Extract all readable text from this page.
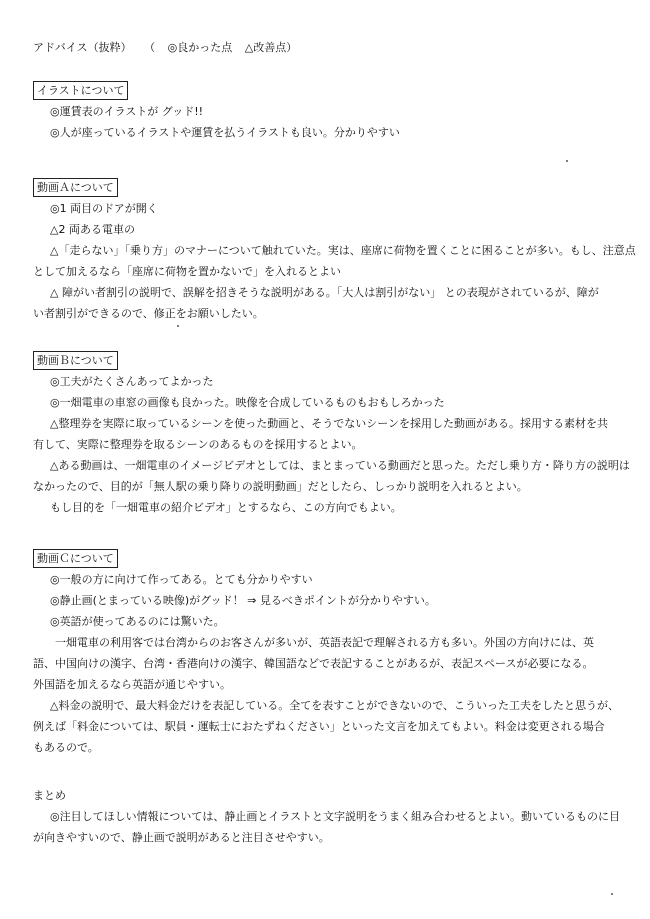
アドバイス（抜粋） （ ◎良かった点 △改善点）
イラストについて
◎運賃表のイラストが グッド!!
◎人が座っているイラストや運賃を払うイラストも良い。分かりやすい
動画Ａについて
◎1 両目のドアが開く
△2 両ある電車の
△「走らない」「乗り方」のマナーについて触れていた。実は、座席に荷物を置くことに困ることが多い。もし、注意点
として加えるなら「座席に荷物を置かないで」を入れるとよい
△ 障がい者割引の説明で、誤解を招きそうな説明がある。「大人は割引がない」 との表現がされているが、障が
い者割引ができるので、修正をお願いしたい。
動画Ｂについて
◎工夫がたくさんあってよかった
◎一畑電車の車窓の画像も良かった。映像を合成しているものもおもしろかった
△整理券を実際に取っているシーンを使った動画と、そうでないシーンを採用した動画がある。採用する素材を共
有して、実際に整理券を取るシーンのあるものを採用するとよい。
△ある動画は、一畑電車のイメージビデオとしては、まとまっている動画だと思った。ただし乗り方・降り方の説明は
なかったので、目的が「無人駅の乗り降りの説明動画」だとしたら、しっかり説明を入れるとよい。
もし目的を「一畑電車の紹介ビデオ」とするなら、この方向でもよい。
動画Ｃについて
◎一般の方に向けて作ってある。とても分かりやすい
◎静止画(とまっている映像)がグッド！ ⇒ 見るべきポイントが分かりやすい。
◎英語が使ってあるのには驚いた。
一畑電車の利用客では台湾からのお客さんが多いが、英語表記で理解される方も多い。外国の方向けには、英
語、中国向けの漢字、台湾・香港向けの漢字、韓国語などで表記することがあるが、表記スペースが必要になる。
外国語を加えるなら英語が通じやすい。
△料金の説明で、最大料金だけを表記している。全てを表すことができないので、こういった工夫をしたと思うが、
例えば「料金については、駅員・運転士におたずねください」といった文言を加えてもよい。料金は変更される場合
もあるので。
まとめ
◎注目してほしい情報については、静止画とイラストと文字説明をうまく組み合わせるとよい。動いているものに目
が向きやすいので、静止画で説明があると注目させやすい。
